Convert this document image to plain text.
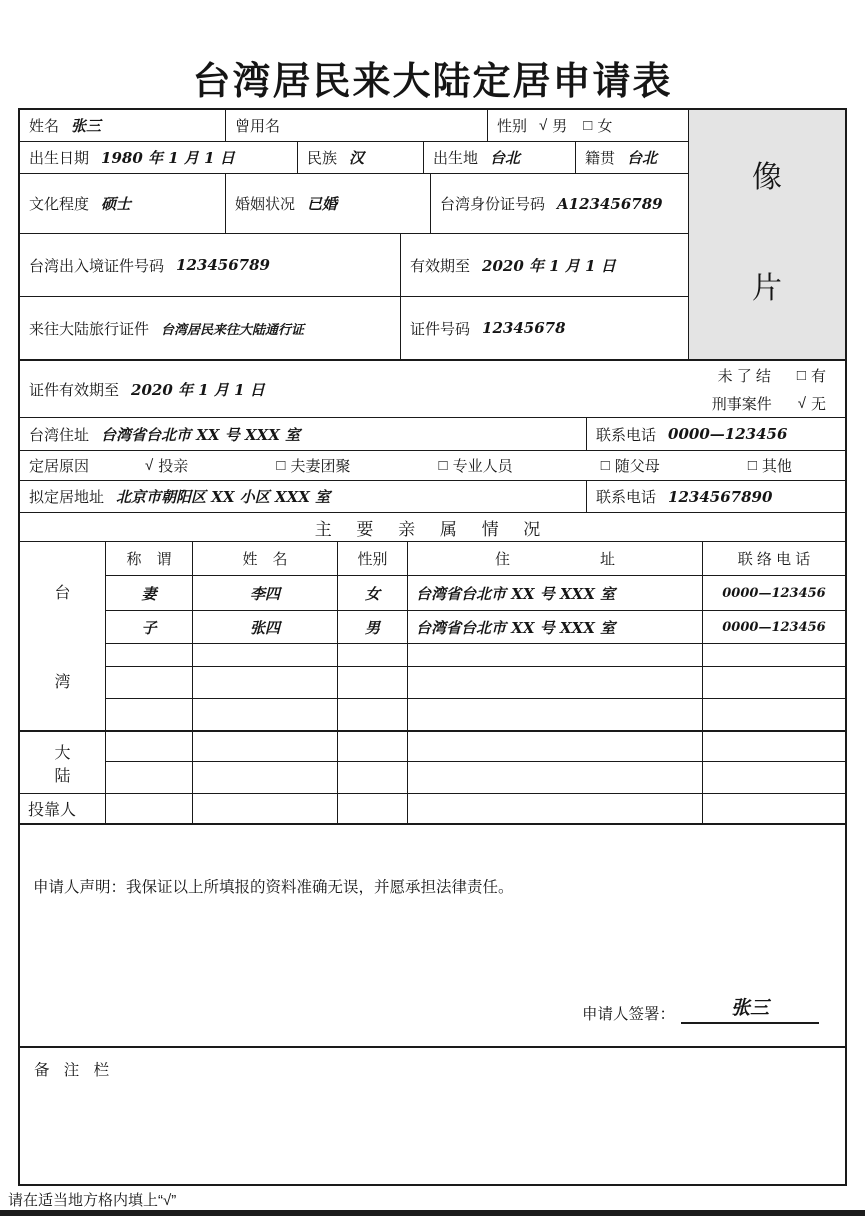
台湾居民来大陆定居申请表
姓名 张三	曾用名	性别 √ 男 □ 女
出生日期 1980 年 1 月 1 日	民族 汉	出生地 台北	籍贯 台北
文化程度 硕士	婚姻状况 已婚	台湾身份证号码 A123456789
台湾出入境证件号码 123456789	有效期至 2020 年 1 月 1 日
来往大陆旅行证件 台湾居民来往大陆通行证	证件号码 12345678
像
片
证件有效期至 2020 年 1 月 1 日
未 了 结 □ 有
刑事案件 √ 无
台湾住址 台湾省台北市 XX 号 XXX 室	联系电话 0000—123456
定居原因	√ 投亲	□ 夫妻团聚	□ 专业人员	□ 随父母	□ 其他
拟定居地址 北京市朝阳区 XX 小区 XXX 室	联系电话 1234567890
主 要 亲 属 情 况
台
湾
称　谓	姓　名	性别	住　　　　　　址	联 络 电 话
妻	李四	女	台湾省台北市 XX 号 XXX 室	0000—123456
子	张四	男	台湾省台北市 XX 号 XXX 室	0000—123456
大
陆
投靠人
申请人声明：我保证以上所填报的资料准确无误，并愿承担法律责任。
申请人签署：	张三
备 注 栏
请在适当地方格内填上“√”
